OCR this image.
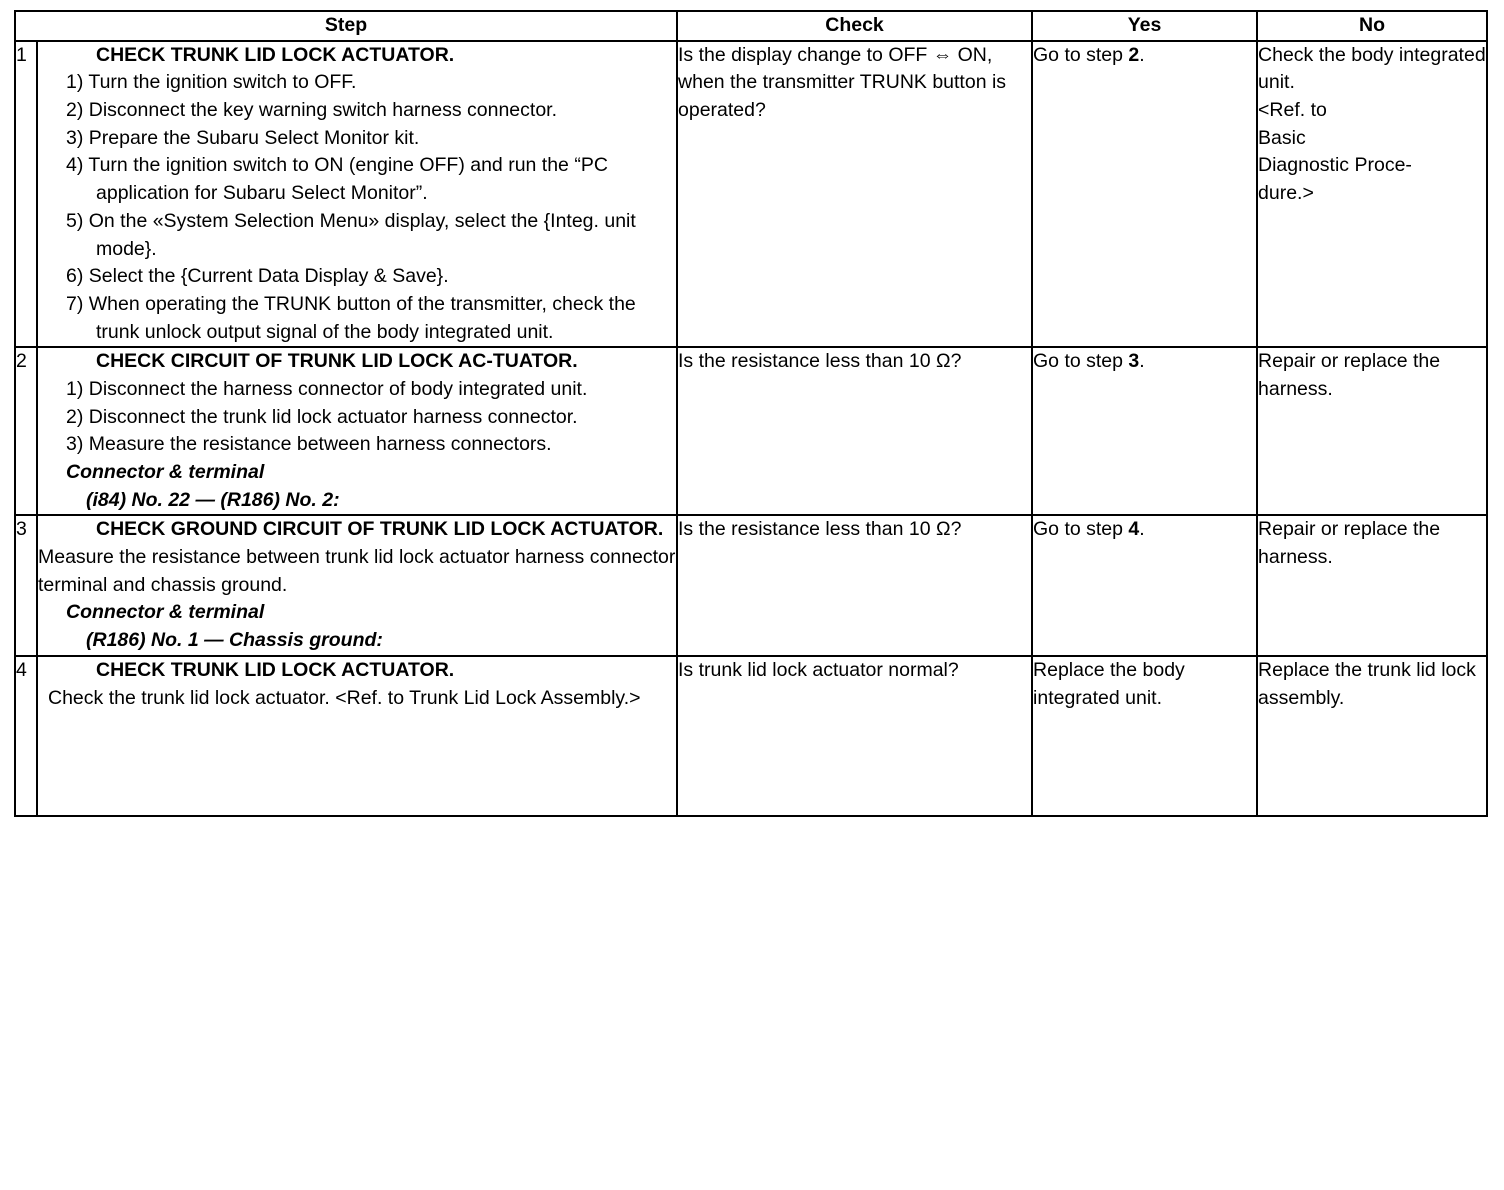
Step		Check	Yes	No
1	CHECK TRUNK LID LOCK ACTUATOR.
1) Turn the ignition switch to OFF.
2) Disconnect the key warning switch harness connector.
3) Prepare the Subaru Select Monitor kit.
4) Turn the ignition switch to ON (engine OFF) and run the “PC application for Subaru Select Monitor”.
5) On the «System Selection Menu» display, select the {Integ. unit mode}.
6) Select the {Current Data Display & Save}.
7) When operating the TRUNK button of the transmitter, check the trunk unlock output signal of the body integrated unit.
	Is the display change to OFF ⇔ ON, when the transmitter TRUNK button is operated?	Go to step 2.	Check the body integrated unit.
<Ref. to
Basic
Diagnostic Proce-
dure.>

2	CHECK CIRCUIT OF TRUNK LID LOCK AC-TUATOR.
1) Disconnect the harness connector of body integrated unit.
2) Disconnect the trunk lid lock actuator harness connector.
3) Measure the resistance between harness connectors.
Connector & terminal
(i84) No. 22 — (R186) No. 2:
	Is the resistance less than 10 Ω?	Go to step 3.	Repair or replace the harness.

3	CHECK GROUND CIRCUIT OF TRUNK LID LOCK ACTUATOR.
Measure the resistance between trunk lid lock actuator harness connector terminal and chassis ground.
Connector & terminal
(R186) No. 1 — Chassis ground:	Is the resistance less than 10 Ω?	Go to step 4.	Repair or replace the harness.

4	CHECK TRUNK LID LOCK ACTUATOR.
Check the trunk lid lock actuator. <Ref. to Trunk Lid Lock Assembly.>	Is trunk lid lock actuator normal?	Replace the body integrated unit.	Replace the trunk lid lock assembly.
